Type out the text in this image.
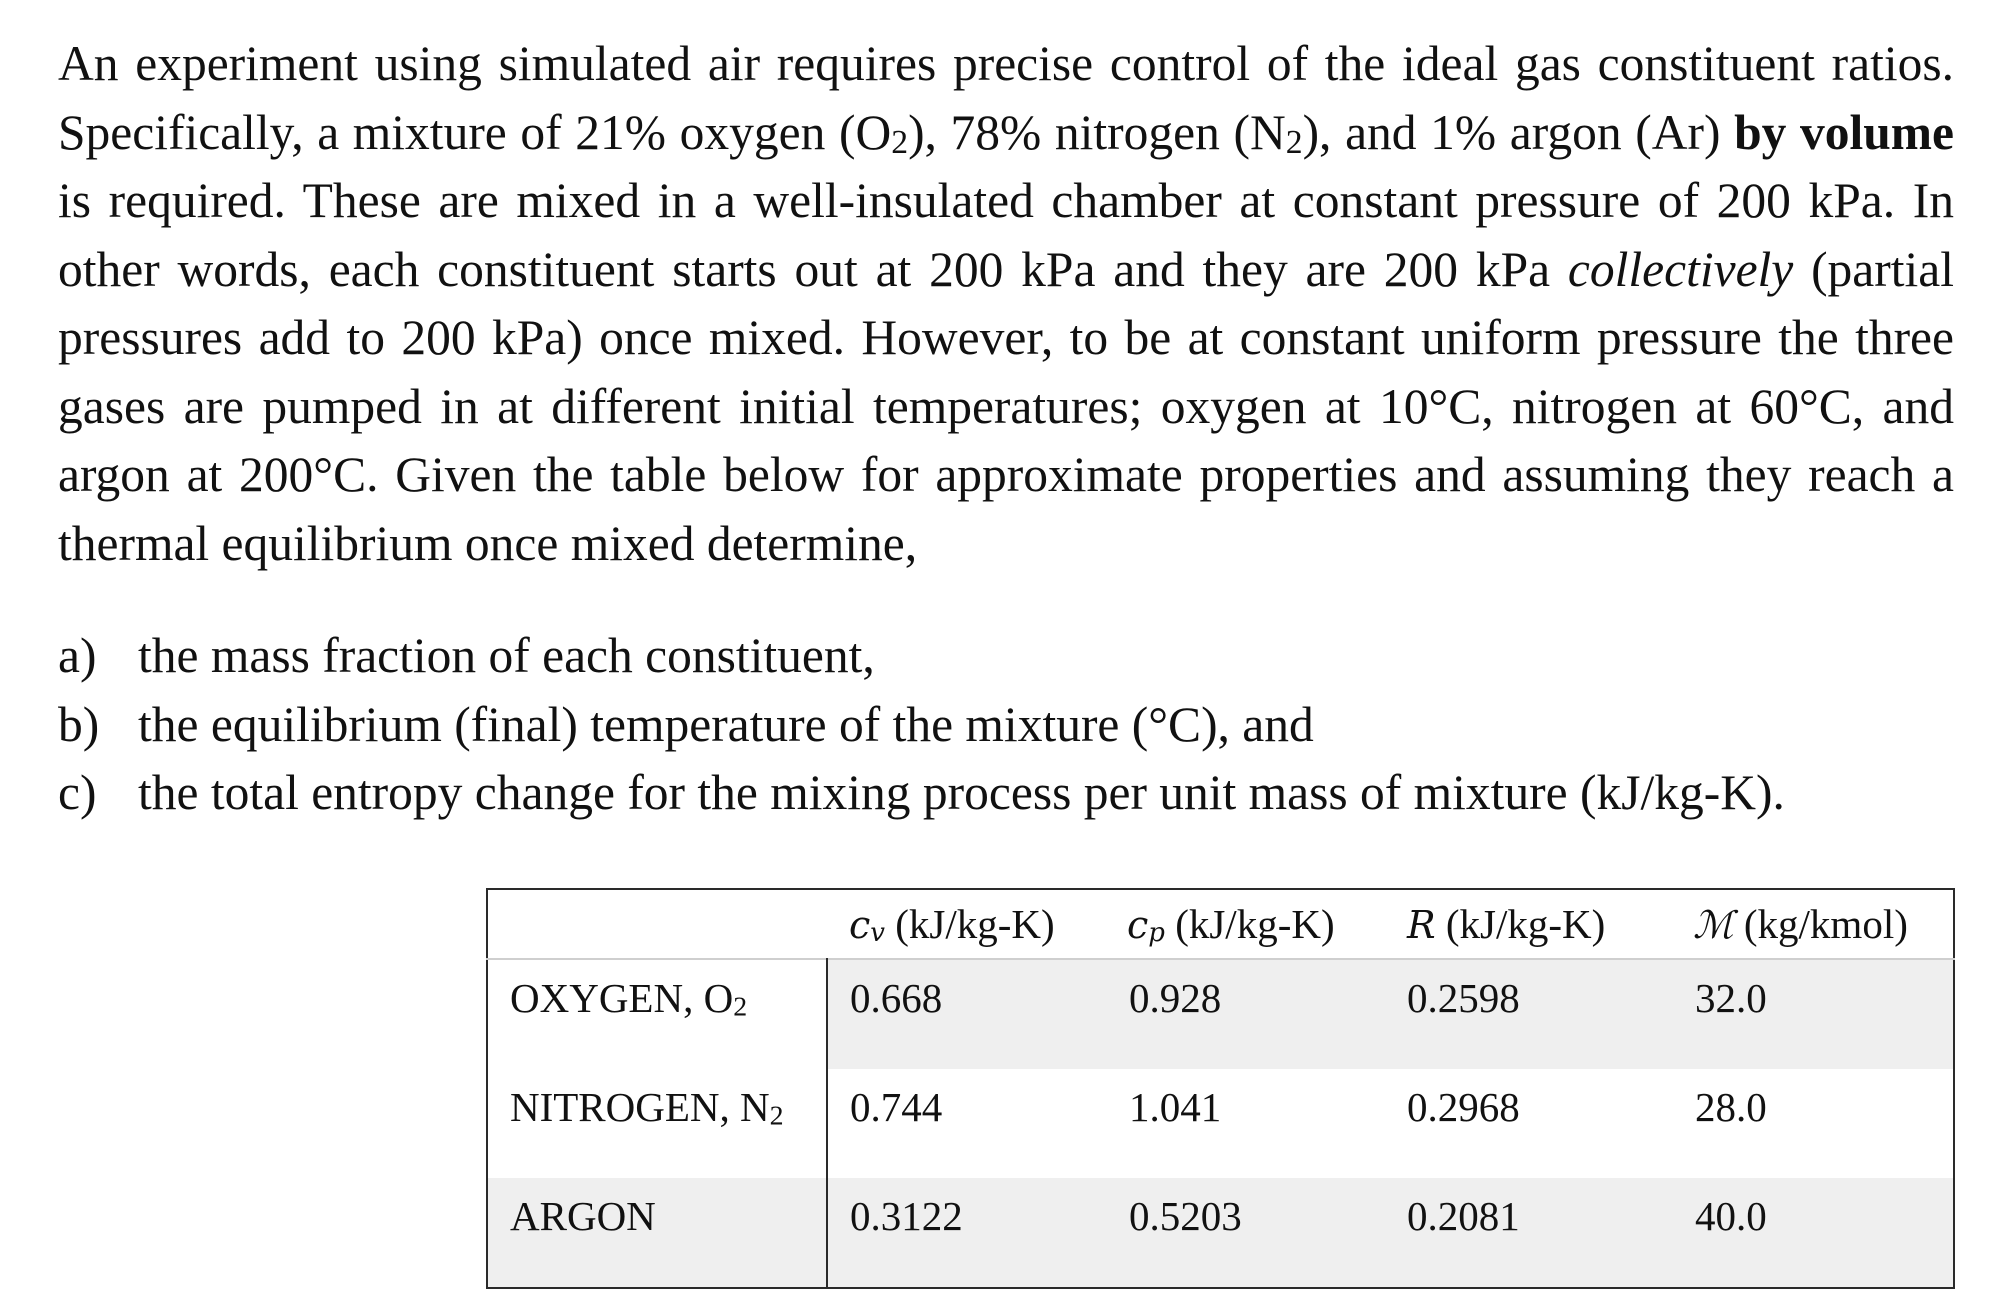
An experiment using simulated air requires precise control of the ideal gas constituent ratios. Specifically, a mixture of 21% oxygen $(O_2)$, 78% nitrogen $(N_2)$, and 1% argon (Ar) by volume is required. These are mixed in a well-insulated chamber at constant pressure of 200 kPa. In other words, each constituent starts out at 200 kPa and they are 200 kPa collectively (partial pressures add to 200 kPa) once mixed. However, to be at constant uniform pressure the three gases are pumped in at different initial temperatures; oxygen at 10°C, nitrogen at 60°C, and argon at 200°C. Given the table below for approximate properties and assuming they reach a thermal equilibrium once mixed determine,

a) the mass fraction of each constituent,
b) the equilibrium (final) temperature of the mixture (°C), and
c) the total entropy change for the mixing process per unit mass of mixture (kJ/kg-K).
	$c_v$ (kJ/kg-K)	$c_p$ (kJ/kg-K)	R (kJ/kg-K)	ℳ (kg/kmol)
OXYGEN, $O_2$	0.668	0.928	0.2598	32.0
NITROGEN, $N_2$	0.744	1.041	0.2968	28.0
ARGON	0.3122	0.5203	0.2081	40.0
